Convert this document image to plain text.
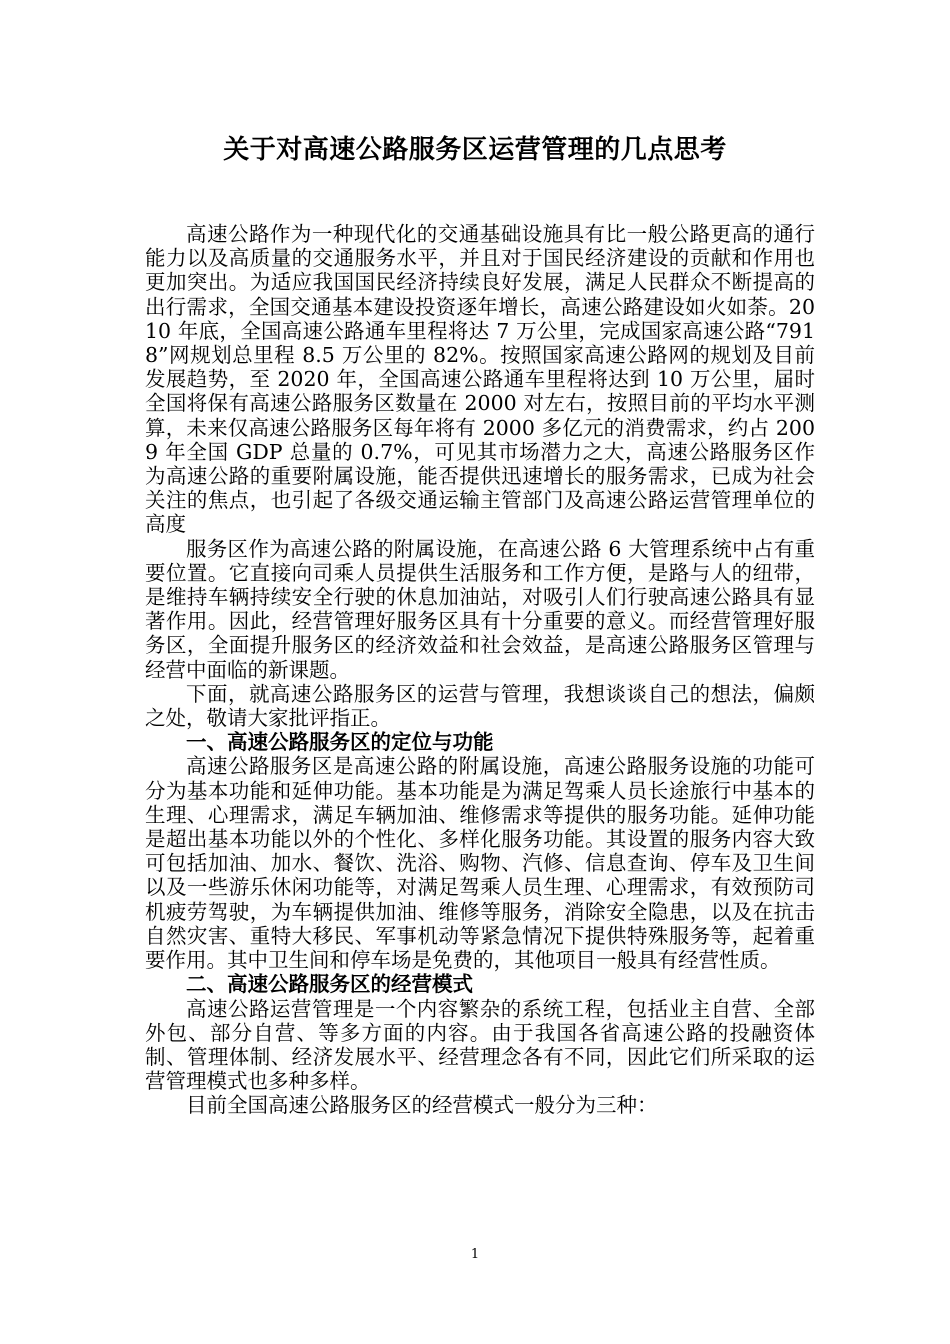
关于对高速公路服务区运营管理的几点思考

高速公路作为一种现代化的交通基础设施具有比一般公路更高的通行能力以及高质量的交通服务水平，并且对于国民经济建设的贡献和作用也更加突出。为适应我国国民经济持续良好发展，满足人民群众不断提高的出行需求，全国交通基本建设投资逐年增长，高速公路建设如火如荼。2010 年底，全国高速公路通车里程将达 7 万公里，完成国家高速公路“7918”网规划总里程 8.5 万公里的 82%。按照国家高速公路网的规划及目前发展趋势，至 2020 年，全国高速公路通车里程将达到 10 万公里，届时全国将保有高速公路服务区数量在 2000 对左右，按照目前的平均水平测算，未来仅高速公路服务区每年将有 2000 多亿元的消费需求，约占 2009 年全国 GDP 总量的 0.7%，可见其市场潜力之大，高速公路服务区作为高速公路的重要附属设施，能否提供迅速增长的服务需求，已成为社会关注的焦点，也引起了各级交通运输主管部门及高速公路运营管理单位的高度

服务区作为高速公路的附属设施，在高速公路 6 大管理系统中占有重要位置。它直接向司乘人员提供生活服务和工作方便，是路与人的纽带，是维持车辆持续安全行驶的休息加油站，对吸引人们行驶高速公路具有显著作用。因此，经营管理好服务区具有十分重要的意义。而经营管理好服务区，全面提升服务区的经济效益和社会效益，是高速公路服务区管理与经营中面临的新课题。

下面，就高速公路服务区的运营与管理，我想谈谈自己的想法，偏颇之处，敬请大家批评指正。

一、高速公路服务区的定位与功能

高速公路服务区是高速公路的附属设施，高速公路服务设施的功能可分为基本功能和延伸功能。基本功能是为满足驾乘人员长途旅行中基本的生理、心理需求，满足车辆加油、维修需求等提供的服务功能。延伸功能是超出基本功能以外的个性化、多样化服务功能。其设置的服务内容大致可包括加油、加水、餐饮、洗浴、购物、汽修、信息查询、停车及卫生间以及一些游乐休闲功能等，对满足驾乘人员生理、心理需求，有效预防司机疲劳驾驶，为车辆提供加油、维修等服务，消除安全隐患，以及在抗击自然灾害、重特大移民、军事机动等紧急情况下提供特殊服务等，起着重要作用。其中卫生间和停车场是免费的，其他项目一般具有经营性质。

二、高速公路服务区的经营模式

高速公路运营管理是一个内容繁杂的系统工程，包括业主自营、全部外包、部分自营、等多方面的内容。由于我国各省高速公路的投融资体制、管理体制、经济发展水平、经营理念各有不同，因此它们所采取的运营管理模式也多种多样。

目前全国高速公路服务区的经营模式一般分为三种：

1
